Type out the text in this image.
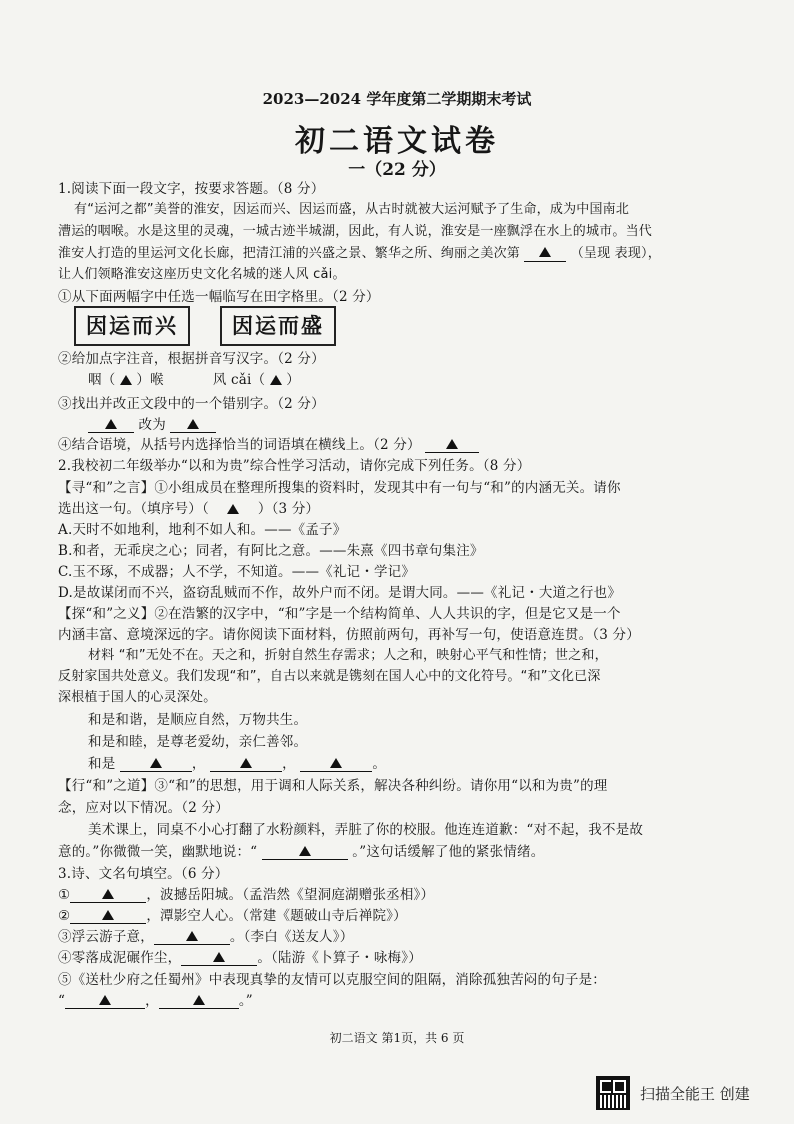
2023—2024 学年度第二学期期末考试
初二语文试卷
一（22 分）
1.阅读下面一段文字，按要求答题。（8 分）
有“运河之都”美誉的淮安，因运而兴、因运而盛，从古时就被大运河赋予了生命，成为中国南北
漕运的咽喉。水是这里的灵魂，一城古迹半城湖，因此，有人说，淮安是一座飘浮在水上的城市。当代
淮安人打造的里运河文化长廊，把清江浦的兴盛之景、繁华之所、绚丽之美次第	（呈现 表现），
让人们领略淮安这座历史文化名城的迷人风 cǎi。
①从下面两幅字中任选一幅临写在田字格里。（2 分）
因运而兴	因运而盛
②给加点字注音，根据拼音写汉字。（2 分）
咽（ ）喉	风 cǎi（ ）
③找出并改正文段中的一个错别字。（2 分）
改为
④结合语境，从括号内选择恰当的词语填在横线上。（2 分）
2.我校初二年级举办“以和为贵”综合性学习活动，请你完成下列任务。（8 分）
【寻“和”之言】①小组成员在整理所搜集的资料时，发现其中有一句与“和”的内涵无关。请你
选出这一句。（填序号）（	）（3 分）
A.天时不如地利，地利不如人和。——《孟子》
B.和者，无乖戾之心；同者，有阿比之意。——朱熹《四书章句集注》
C.玉不琢，不成器；人不学，不知道。——《礼记・学记》
D.是故谋闭而不兴，盗窃乱贼而不作，故外户而不闭。是谓大同。——《礼记・大道之行也》
【探“和”之义】②在浩繁的汉字中，“和”字是一个结构简单、人人共识的字，但是它又是一个
内涵丰富、意境深远的字。请你阅读下面材料，仿照前两句，再补写一句，使语意连贯。（3 分）
材料 “和”无处不在。天之和，折射自然生存需求；人之和，映射心平气和性情；世之和，
反射家国共处意义。我们发现“和”，自古以来就是镌刻在国人心中的文化符号。“和”文化已深
深根植于国人的心灵深处。
和是和谐，是顺应自然，万物共生。
和是和睦，是尊老爱幼，亲仁善邻。
和是	，	，	。
【行“和”之道】③“和”的思想，用于调和人际关系，解决各种纠纷。请你用“以和为贵”的理
念，应对以下情况。（2 分）
美术课上，同桌不小心打翻了水粉颜料，弄脏了你的校服。他连连道歉：“对不起，我不是故
意的。”你微微一笑，幽默地说：“	。”这句话缓解了他的紧张情绪。
3.诗、文名句填空。（6 分）
①	，波撼岳阳城。（孟浩然《望洞庭湖赠张丞相》）
②	，潭影空人心。（常建《题破山寺后禅院》）
③浮云游子意，	。（李白《送友人》）
④零落成泥碾作尘，	。（陆游《卜算子・咏梅》）
⑤《送杜少府之任蜀州》中表现真挚的友情可以克服空间的阻隔，消除孤独苦闷的句子是：
“	，	。”
初二语文 第1页，共 6 页
扫描全能王 创建
